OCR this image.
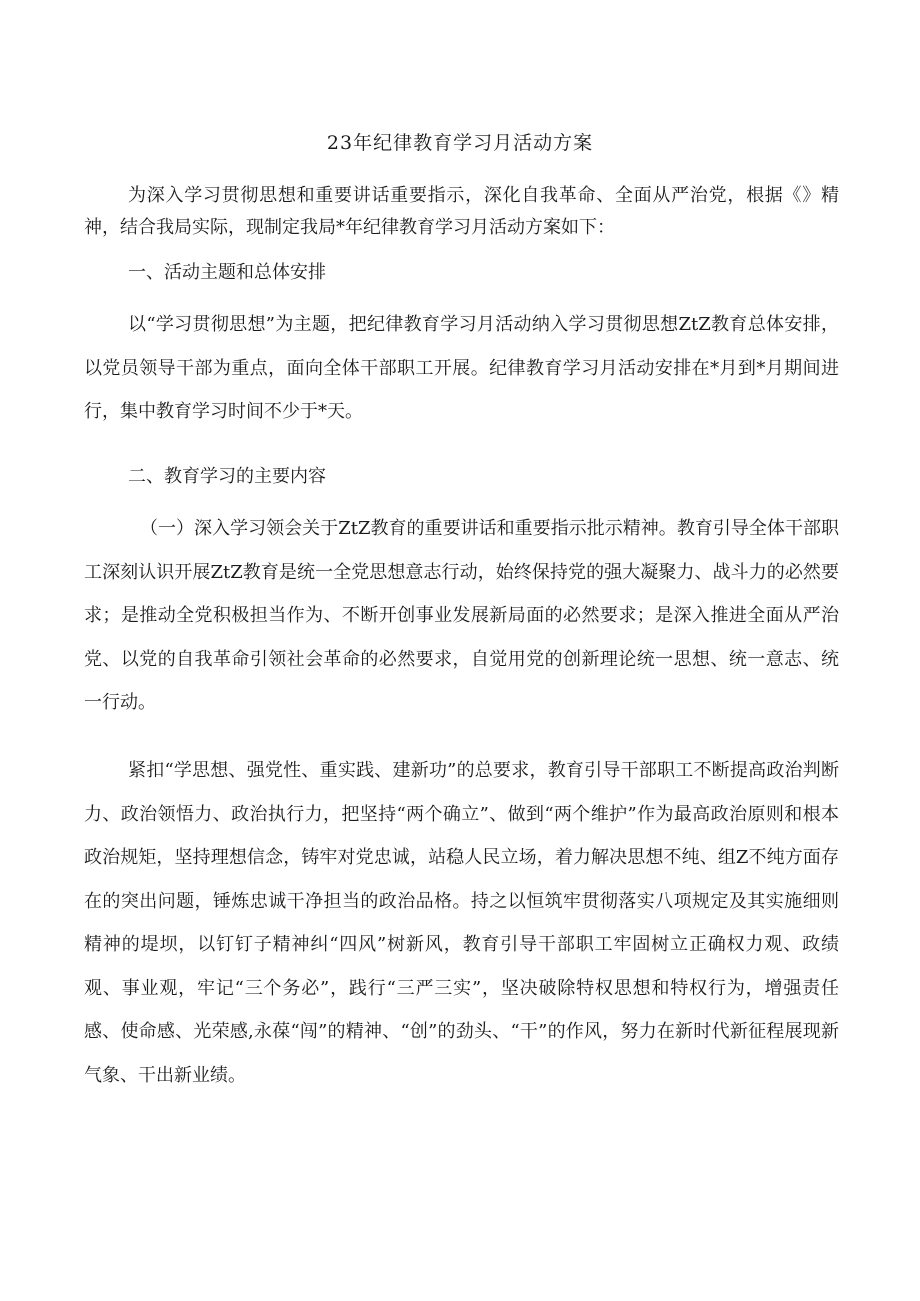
23年纪律教育学习月活动方案
为深入学习贯彻思想和重要讲话重要指示，深化自我革命、全面从严治党，根据《》精神，结合我局实际，现制定我局*年纪律教育学习月活动方案如下：
一、活动主题和总体安排
以“学习贯彻思想”为主题，把纪律教育学习月活动纳入学习贯彻思想ZtZ教育总体安排，以党员领导干部为重点，面向全体干部职工开展。纪律教育学习月活动安排在*月到*月期间进行，集中教育学习时间不少于*天。
二、教育学习的主要内容
（一）深入学习领会关于ZtZ教育的重要讲话和重要指示批示精神。教育引导全体干部职工深刻认识开展ZtZ教育是统一全党思想意志行动，始终保持党的强大凝聚力、战斗力的必然要求；是推动全党积极担当作为、不断开创事业发展新局面的必然要求；是深入推进全面从严治党、以党的自我革命引领社会革命的必然要求，自觉用党的创新理论统一思想、统一意志、统一行动。
紧扣“学思想、强党性、重实践、建新功”的总要求，教育引导干部职工不断提高政治判断力、政治领悟力、政治执行力，把坚持“两个确立”、做到“两个维护”作为最高政治原则和根本政治规矩，坚持理想信念，铸牢对党忠诚，站稳人民立场，着力解决思想不纯、组Z不纯方面存在的突出问题，锤炼忠诚干净担当的政治品格。持之以恒筑牢贯彻落实八项规定及其实施细则精神的堤坝，以钉钉子精神纠“四风”树新风，教育引导干部职工牢固树立正确权力观、政绩观、事业观，牢记“三个务必”，践行“三严三实”，坚决破除特权思想和特权行为，增强责任感、使命感、光荣感,永葆“闯”的精神、“创”的劲头、“干”的作风，努力在新时代新征程展现新气象、干出新业绩。
